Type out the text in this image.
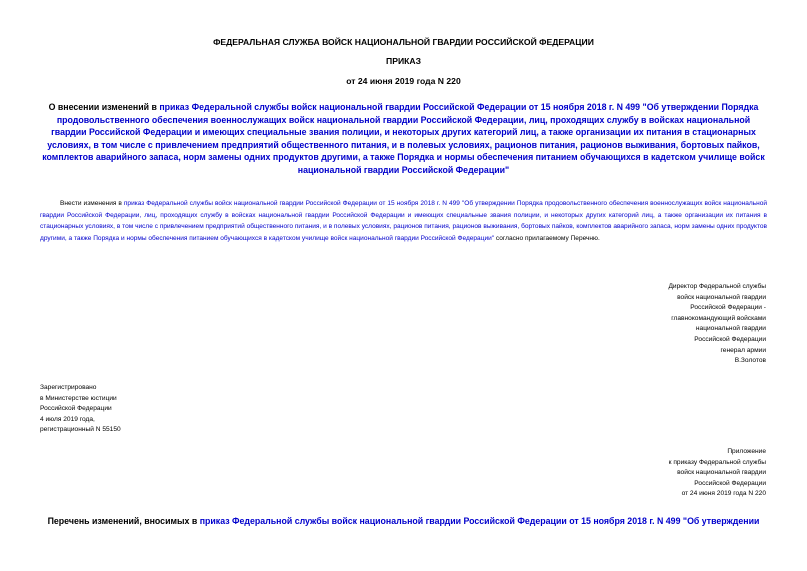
ФЕДЕРАЛЬНАЯ СЛУЖБА ВОЙСК НАЦИОНАЛЬНОЙ ГВАРДИИ РОССИЙСКОЙ ФЕДЕРАЦИИ
ПРИКАЗ
от 24 июня 2019 года N 220
О внесении изменений в приказ Федеральной службы войск национальной гвардии Российской Федерации от 15 ноября 2018 г. N 499 "Об утверждении Порядка продовольственного обеспечения военнослужащих войск национальной гвардии Российской Федерации, лиц, проходящих службу в войсках национальной гвардии Российской Федерации и имеющих специальные звания полиции, и некоторых других категорий лиц, а также организации их питания в стационарных условиях, в том числе с привлечением предприятий общественного питания, и в полевых условиях, рационов питания, рационов выживания, бортовых пайков, комплектов аварийного запаса, норм замены одних продуктов другими, а также Порядка и нормы обеспечения питанием обучающихся в кадетском училище войск национальной гвардии Российской Федерации"
Внести изменения в приказ Федеральной службы войск национальной гвардии Российской Федерации от 15 ноября 2018 г. N 499 "Об утверждении Порядка продовольственного обеспечения военнослужащих войск национальной гвардии Российской Федерации, лиц, проходящих службу в войсках национальной гвардии Российской Федерации и имеющих специальные звания полиции, и некоторых других категорий лиц, а также организации их питания в стационарных условиях, в том числе с привлечением предприятий общественного питания, и в полевых условиях, рационов питания, рационов выживания, бортовых пайков, комплектов аварийного запаса, норм замены одних продуктов другими, а также Порядка и нормы обеспечения питанием обучающихся в кадетском училище войск национальной гвардии Российской Федерации" согласно прилагаемому Перечню.
Директор Федеральной службы
войск национальной гвардии
Российской Федерации -
главнокомандующий войсками
национальной гвардии
Российской Федерации
генерал армии
В.Золотов
Зарегистрировано
в Министерстве юстиции
Российской Федерации
4 июля 2019 года,
регистрационный N 55150
Приложение
к приказу Федеральной службы
войск национальной гвардии
Российской Федерации
от 24 июня 2019 года N 220
Перечень изменений, вносимых в приказ Федеральной службы войск национальной гвардии Российской Федерации от 15 ноября 2018 г. N 499 "Об утверждении
